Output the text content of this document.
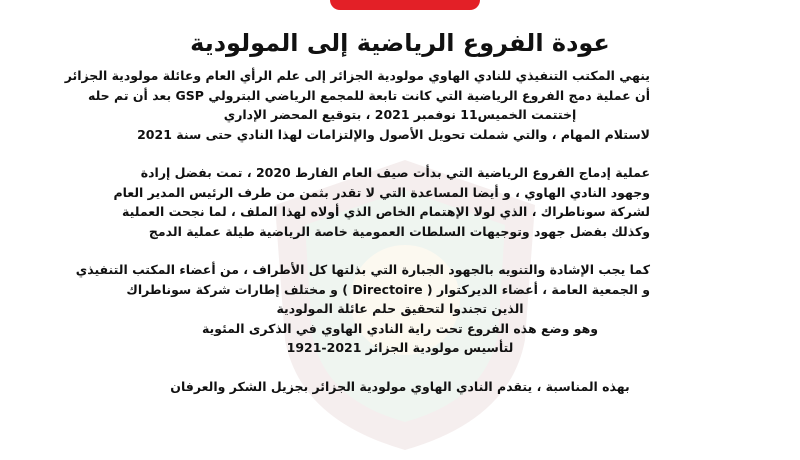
عودة الفروع الرياضية إلى المولودية

ينهي المكتب التنفيذي للنادي الهاوي مولودية الجزائر إلى علم الرأي العام وعائلة مولودية الجزائر
أن عملية دمج الفروع الرياضية التي كانت تابعة للمجمع الرياضي البترولي GSP بعد أن تم حله
إختتمت الخميس11 نوفمبر 2021 ، بتوقيع المحضر الإداري
لاستلام المهام ، والتي شملت تحويل الأصول والإلتزامات لهذا النادي حتى سنة 2021

عملية إدماج الفروع الرياضية التي بدأت صيف العام الفارط 2020 ، تمت بفضل إرادة
وجهود النادي الهاوي ، و أيضا المساعدة التي لا تقدر بثمن من طرف الرئيس المدير العام
لشركة سوناطراك ، الذي لولا الإهتمام الخاص الذي أولاه لهذا الملف ، لما نجحت العملية
وكذلك بفضل جهود وتوجيهات السلطات العمومية خاصة الرياضية طيلة عملية الدمج

كما يجب الإشادة والتنويه بالجهود الجبارة التي بذلتها كل الأطراف ، من أعضاء المكتب التنفيذي
و الجمعية العامة ، أعضاء الديركتوار ( Directoire ) و مختلف إطارات شركة سوناطراك
الذين تجندوا لتحقيق حلم عائلة المولودية
وهو وضع هذه الفروع تحت راية النادي الهاوي في الذكرى المئوية
لتأسيس مولودية الجزائر 2021-1921

بهذه المناسبة ، يتقدم النادي الهاوي مولودية الجزائر بجزيل الشكر والعرفان
